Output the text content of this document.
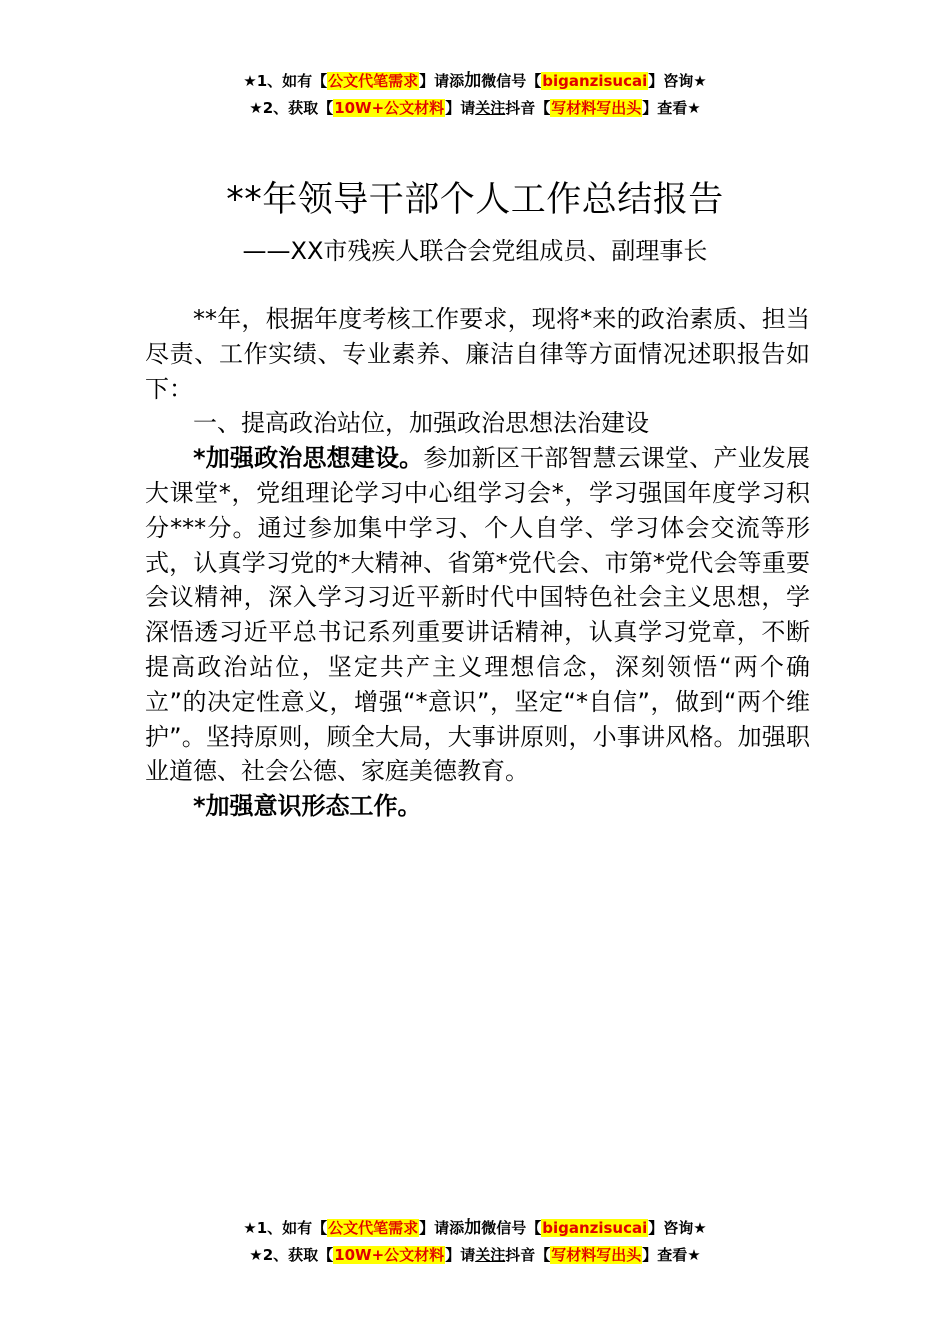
★1、如有【公文代笔需求】请添加微信号【biganzisucai】咨询★
★2、获取【10W+公文材料】请关注抖音【写材料写出头】查看★
**年领导干部个人工作总结报告
——XX市残疾人联合会党组成员、副理事长

**年，根据年度考核工作要求，现将*来的政治素质、担当尽责、工作实绩、专业素养、廉洁自律等方面情况述职报告如下：

一、提高政治站位，加强政治思想法治建设

*加强政治思想建设。参加新区干部智慧云课堂、产业发展大课堂*，党组理论学习中心组学习会*，学习强国年度学习积分***分。通过参加集中学习、个人自学、学习体会交流等形式，认真学习党的*大精神、省第*党代会、市第*党代会等重要会议精神，深入学习习近平新时代中国特色社会主义思想，学深悟透习近平总书记系列重要讲话精神，认真学习党章，不断提高政治站位，坚定共产主义理想信念，深刻领悟“两个确立”的决定性意义，增强“*意识”，坚定“*自信”，做到“两个维护”。坚持原则，顾全大局，大事讲原则，小事讲风格。加强职业道德、社会公德、家庭美德教育。

*加强意识形态工作。

★1、如有【公文代笔需求】请添加微信号【biganzisucai】咨询★
★2、获取【10W+公文材料】请关注抖音【写材料写出头】查看★
